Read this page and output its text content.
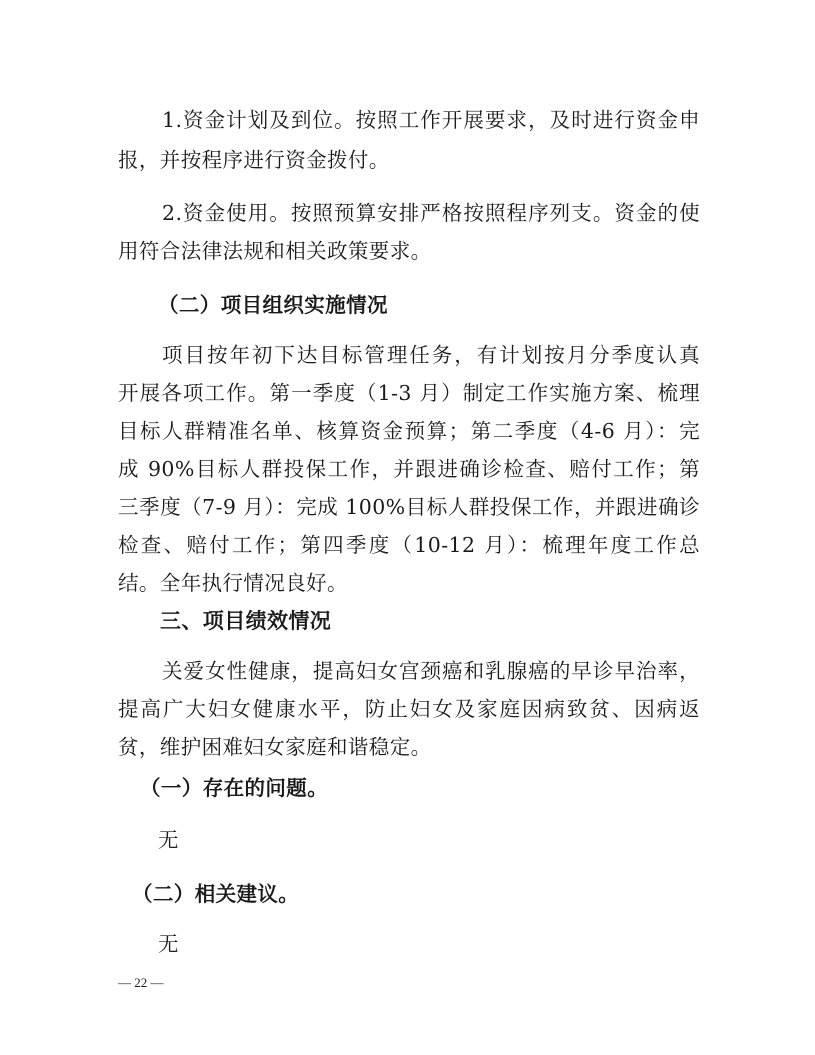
1.资金计划及到位。按照工作开展要求，及时进行资金申
报，并按程序进行资金拨付。
2.资金使用。按照预算安排严格按照程序列支。资金的使
用符合法律法规和相关政策要求。
（二）项目组织实施情况
项目按年初下达目标管理任务，有计划按月分季度认真
开展各项工作。第一季度（1-3 月）制定工作实施方案、梳理
目标人群精准名单、核算资金预算；第二季度（4-6 月）：完
成 90%目标人群投保工作，并跟进确诊检查、赔付工作；第
三季度（7-9 月）：完成 100%目标人群投保工作，并跟进确诊
检查、赔付工作；第四季度（10-12 月）：梳理年度工作总
结。全年执行情况良好。
三、项目绩效情况
关爱女性健康，提高妇女宫颈癌和乳腺癌的早诊早治率，
提高广大妇女健康水平，防止妇女及家庭因病致贫、因病返
贫，维护困难妇女家庭和谐稳定。
（一）存在的问题。
无
（二）相关建议。
无
— 22 —
